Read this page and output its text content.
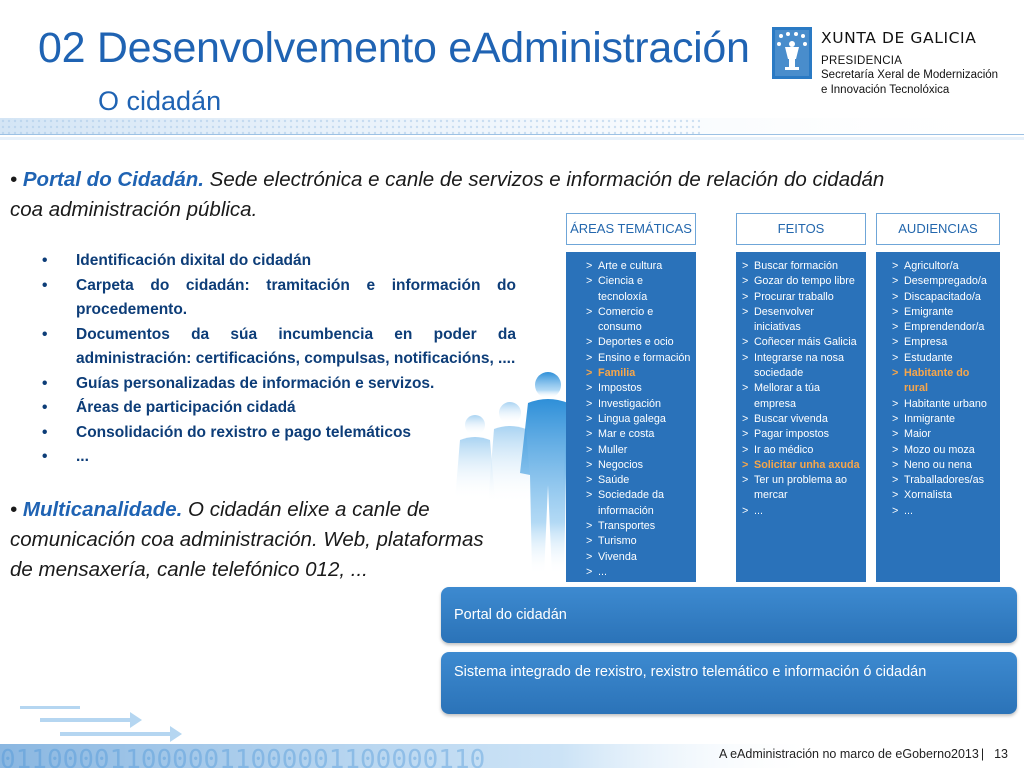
02 Desenvolvemento eAdministración
O cidadán
XUNTA DE GALICIA
PRESIDENCIA
Secretaría Xeral de Modernización
e Innovación Tecnolóxica

• Portal do Cidadán. Sede electrónica e canle de servizos e información de relación do cidadán coa administración pública.

• Identificación dixital do cidadán
• Carpeta do cidadán: tramitación e información do procedemento.
• Documentos da súa incumbencia en poder da administración: certificacións, compulsas, notificacións, ....
• Guías personalizadas de información e servizos.
• Áreas de participación cidadá
• Consolidación do rexistro e pago telemáticos
• ...

• Multicanalidade. O cidadán elixe a canle de comunicación coa administración. Web, plataformas de mensaxería, canle telefónico 012, ...

ÁREAS TEMÁTICAS
> Arte e cultura
> Ciencia e tecnoloxía
> Comercio e consumo
> Deportes e ocio
> Ensino e formación
> Familia
> Impostos
> Investigación
> Lingua galega
> Mar e costa
> Muller
> Negocios
> Saúde
> Sociedade da información
> Transportes
> Turismo
> Vivenda
> ...
FEITOS
> Buscar formación
> Gozar do tempo libre
> Procurar traballo
> Desenvolver iniciativas
> Coñecer máis Galicia
> Integrarse na nosa sociedade
> Mellorar a túa empresa
> Buscar vivenda
> Pagar impostos
> Ir ao médico
> Solicitar unha axuda
> Ter un problema ao mercar
> ...
AUDIENCIAS
> Agricultor/a
> Desempregado/a
> Discapacitado/a
> Emigrante
> Emprendendor/a
> Empresa
> Estudante
> Habitante do rural
> Habitante urbano
> Inmigrante
> Maior
> Mozo ou moza
> Neno ou nena
> Traballadores/as
> Xornalista
> ...
Portal do cidadán
Sistema integrado de rexistro, rexistro telemático e información ó cidadán
0110000110000011000001100000110	A eAdministración no marco de eGoberno2013 | 13
